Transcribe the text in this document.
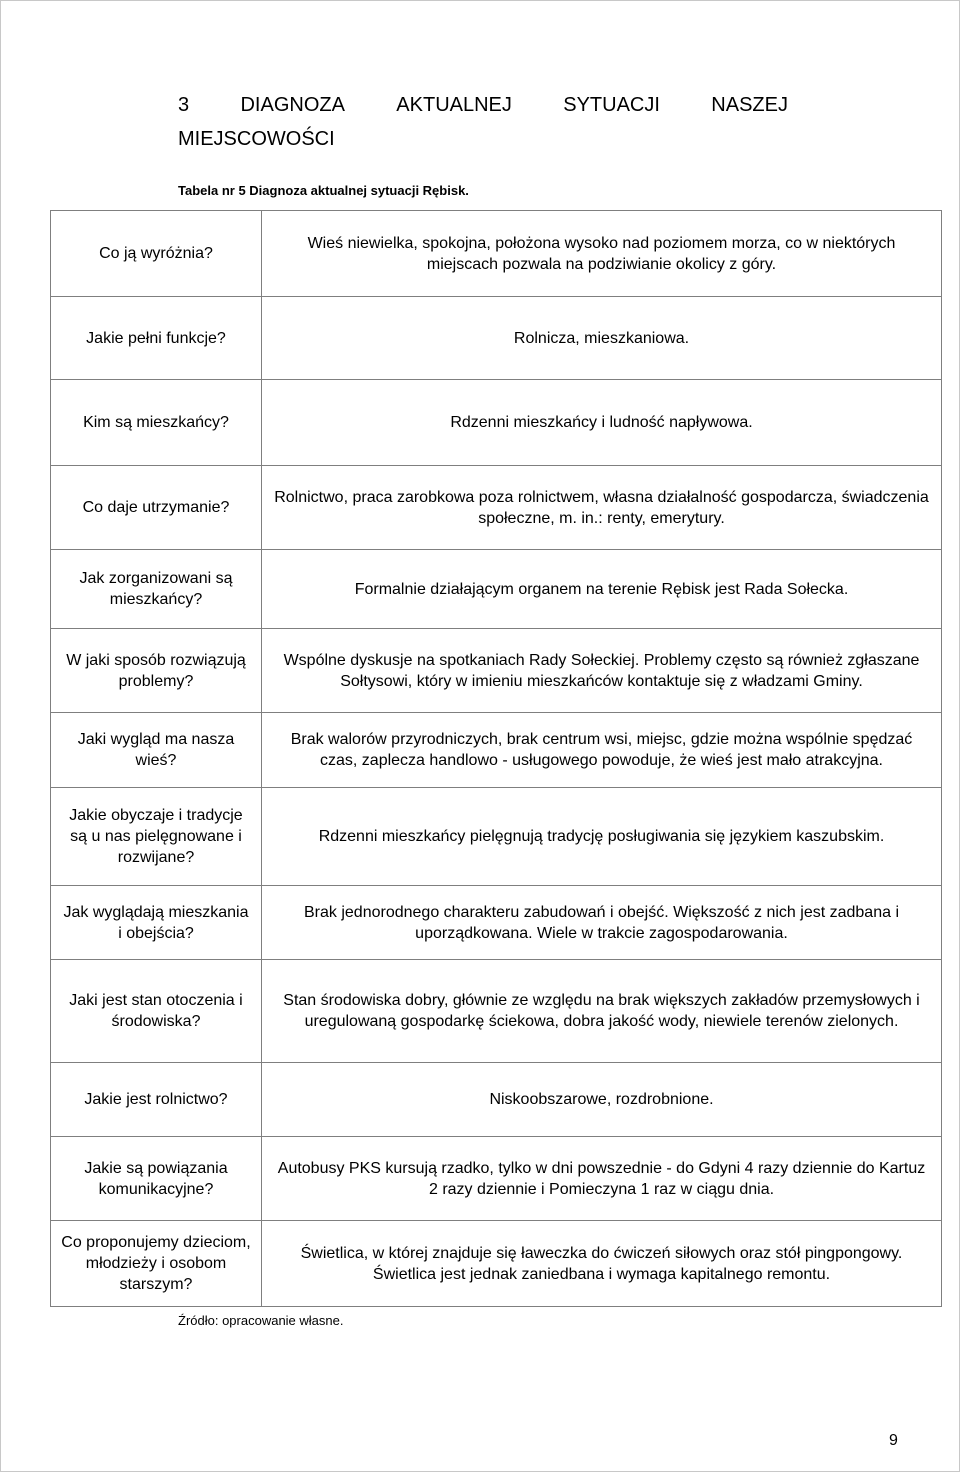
3	DIAGNOZA	AKTUALNEJ	SYTUACJI	NASZEJ
MIEJSCOWOŚCI
Tabela nr 5 Diagnoza aktualnej sytuacji Rębisk.
Co ją wyróżnia?	Wieś niewielka, spokojna, położona wysoko nad poziomem morza, co w niektórych miejscach pozwala na podziwianie okolicy z góry.
Jakie pełni funkcje?	Rolnicza, mieszkaniowa.
Kim są mieszkańcy?	Rdzenni mieszkańcy i ludność napływowa.
Co daje utrzymanie?	Rolnictwo, praca zarobkowa poza rolnictwem, własna działalność gospodarcza, świadczenia społeczne, m. in.: renty, emerytury.
Jak zorganizowani są mieszkańcy?	Formalnie działającym organem na terenie Rębisk jest Rada Sołecka.
W jaki sposób rozwiązują problemy?	Wspólne dyskusje na spotkaniach Rady Sołeckiej. Problemy często są również zgłaszane Sołtysowi, który w imieniu mieszkańców kontaktuje się z władzami Gminy.
Jaki wygląd ma nasza wieś?	Brak walorów przyrodniczych, brak centrum wsi, miejsc, gdzie można wspólnie spędzać czas, zaplecza handlowo - usługowego powoduje, że wieś jest mało atrakcyjna.
Jakie obyczaje i tradycje są u nas pielęgnowane i rozwijane?	Rdzenni mieszkańcy pielęgnują tradycję posługiwania się językiem kaszubskim.
Jak wyglądają mieszkania i obejścia?	Brak jednorodnego charakteru zabudowań i obejść. Większość z nich jest zadbana i uporządkowana. Wiele w trakcie zagospodarowania.
Jaki jest stan otoczenia i środowiska?	Stan środowiska dobry, głównie ze względu na brak większych zakładów przemysłowych i uregulowaną gospodarkę ściekowa, dobra jakość wody, niewiele terenów zielonych.
Jakie jest rolnictwo?	Niskoobszarowe, rozdrobnione.
Jakie są powiązania komunikacyjne?	Autobusy PKS kursują rzadko, tylko w dni powszednie - do Gdyni 4 razy dziennie do Kartuz 2 razy dziennie i Pomieczyna 1 raz w ciągu dnia.
Co proponujemy dzieciom, młodzieży i osobom starszym?	Świetlica, w której znajduje się ławeczka do ćwiczeń siłowych oraz stół pingpongowy. Świetlica jest jednak zaniedbana i wymaga kapitalnego remontu.
Źródło: opracowanie własne.
9
